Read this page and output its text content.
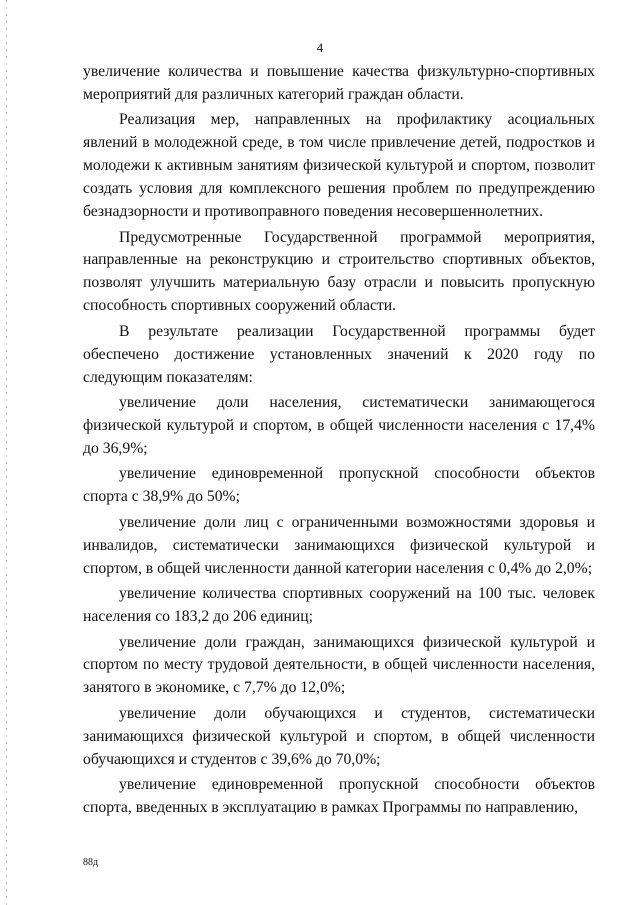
4

увеличение количества и повышение качества физкультурно-спортивных мероприятий для различных категорий граждан области.

Реализация мер, направленных на профилактику асоциальных явлений в молодежной среде, в том числе привлечение детей, подростков и молодежи к активным занятиям физической культурой и спортом, позволит создать условия для комплексного решения проблем по предупреждению безнадзорности и противоправного поведения несовершеннолетних.

Предусмотренные Государственной программой мероприятия, направленные на реконструкцию и строительство спортивных объектов, позволят улучшить материальную базу отрасли и повысить пропускную способность спортивных сооружений области.

В результате реализации Государственной программы будет обеспечено достижение установленных значений к 2020 году по следующим показателям:

увеличение доли населения, систематически занимающегося физической культурой и спортом, в общей численности населения с 17,4% до 36,9%;

увеличение единовременной пропускной способности объектов спорта с 38,9% до 50%;

увеличение доли лиц с ограниченными возможностями здоровья и инвалидов, систематически занимающихся физической культурой и спортом, в общей численности данной категории населения с 0,4% до 2,0%;

увеличение количества спортивных сооружений на 100 тыс. человек населения со 183,2 до 206 единиц;

увеличение доли граждан, занимающихся физической культурой и спортом по месту трудовой деятельности, в общей численности населения, занятого в экономике, с 7,7% до 12,0%;

увеличение доли обучающихся и студентов, систематически занимающихся физической культурой и спортом, в общей численности обучающихся и студентов с 39,6% до 70,0%;

увеличение единовременной пропускной способности объектов спорта, введенных в эксплуатацию в рамках Программы по направлению,

88д
